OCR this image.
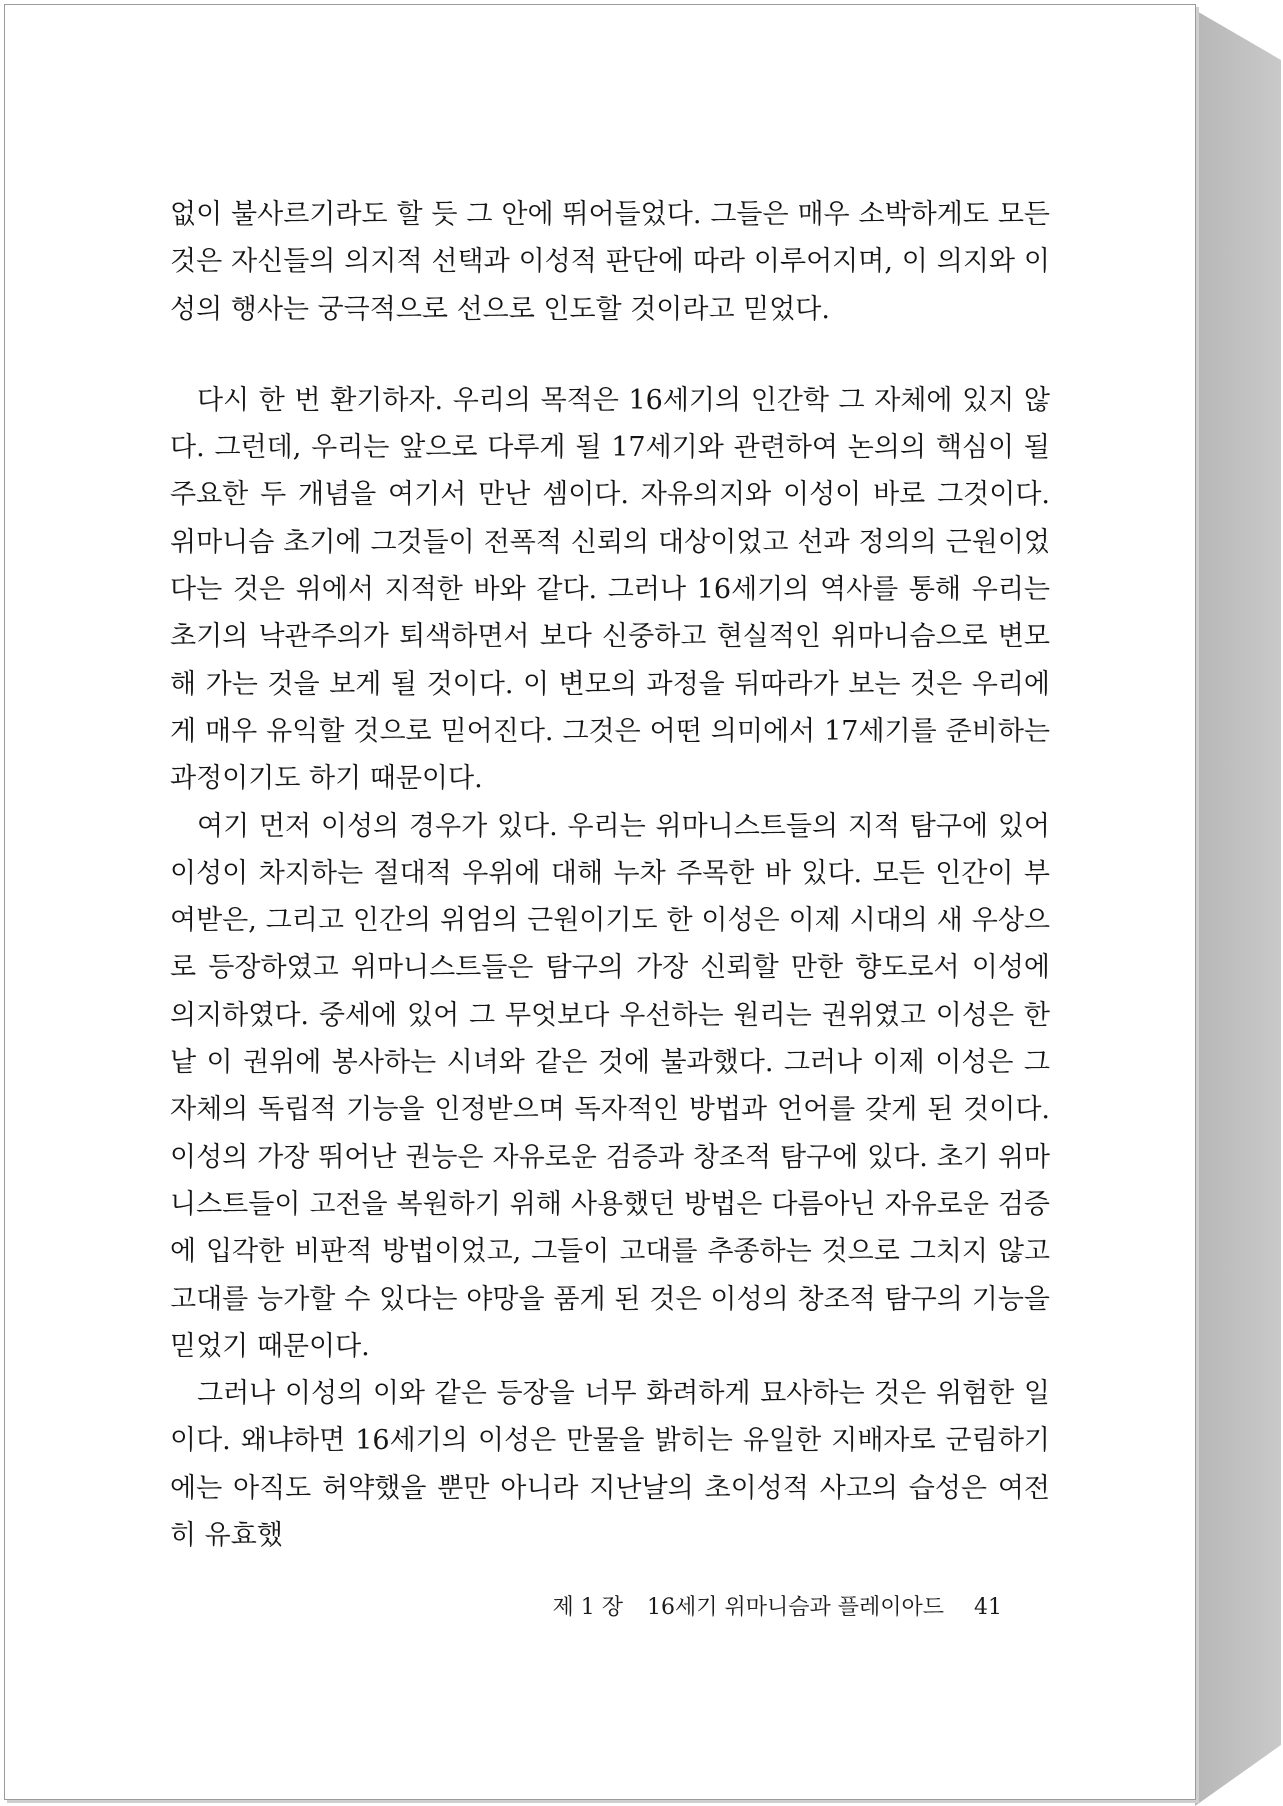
없이 불사르기라도 할 듯 그 안에 뛰어들었다. 그들은 매우 소박하게도 모든 것은 자신들의 의지적 선택과 이성적 판단에 따라 이루어지며, 이 의지와 이성의 행사는 궁극적으로 선으로 인도할 것이라고 믿었다.

다시 한 번 환기하자. 우리의 목적은 16세기의 인간학 그 자체에 있지 않다. 그런데, 우리는 앞으로 다루게 될 17세기와 관련하여 논의의 핵심이 될 주요한 두 개념을 여기서 만난 셈이다. 자유의지와 이성이 바로 그것이다. 위마니슴 초기에 그것들이 전폭적 신뢰의 대상이었고 선과 정의의 근원이었다는 것은 위에서 지적한 바와 같다. 그러나 16세기의 역사를 통해 우리는 초기의 낙관주의가 퇴색하면서 보다 신중하고 현실적인 위마니슴으로 변모해 가는 것을 보게 될 것이다. 이 변모의 과정을 뒤따라가 보는 것은 우리에게 매우 유익할 것으로 믿어진다. 그것은 어떤 의미에서 17세기를 준비하는 과정이기도 하기 때문이다.

여기 먼저 이성의 경우가 있다. 우리는 위마니스트들의 지적 탐구에 있어 이성이 차지하는 절대적 우위에 대해 누차 주목한 바 있다. 모든 인간이 부여받은, 그리고 인간의 위엄의 근원이기도 한 이성은 이제 시대의 새 우상으로 등장하였고 위마니스트들은 탐구의 가장 신뢰할 만한 향도로서 이성에 의지하였다. 중세에 있어 그 무엇보다 우선하는 원리는 권위였고 이성은 한낱 이 권위에 봉사하는 시녀와 같은 것에 불과했다. 그러나 이제 이성은 그 자체의 독립적 기능을 인정받으며 독자적인 방법과 언어를 갖게 된 것이다. 이성의 가장 뛰어난 권능은 자유로운 검증과 창조적 탐구에 있다. 초기 위마니스트들이 고전을 복원하기 위해 사용했던 방법은 다름아닌 자유로운 검증에 입각한 비판적 방법이었고, 그들이 고대를 추종하는 것으로 그치지 않고 고대를 능가할 수 있다는 야망을 품게 된 것은 이성의 창조적 탐구의 기능을 믿었기 때문이다.

그러나 이성의 이와 같은 등장을 너무 화려하게 묘사하는 것은 위험한 일이다. 왜냐하면 16세기의 이성은 만물을 밝히는 유일한 지배자로 군림하기에는 아직도 허약했을 뿐만 아니라 지난날의 초이성적 사고의 습성은 여전히 유효했

제 1 장 16세기 위마니슴과 플레이아드 41
